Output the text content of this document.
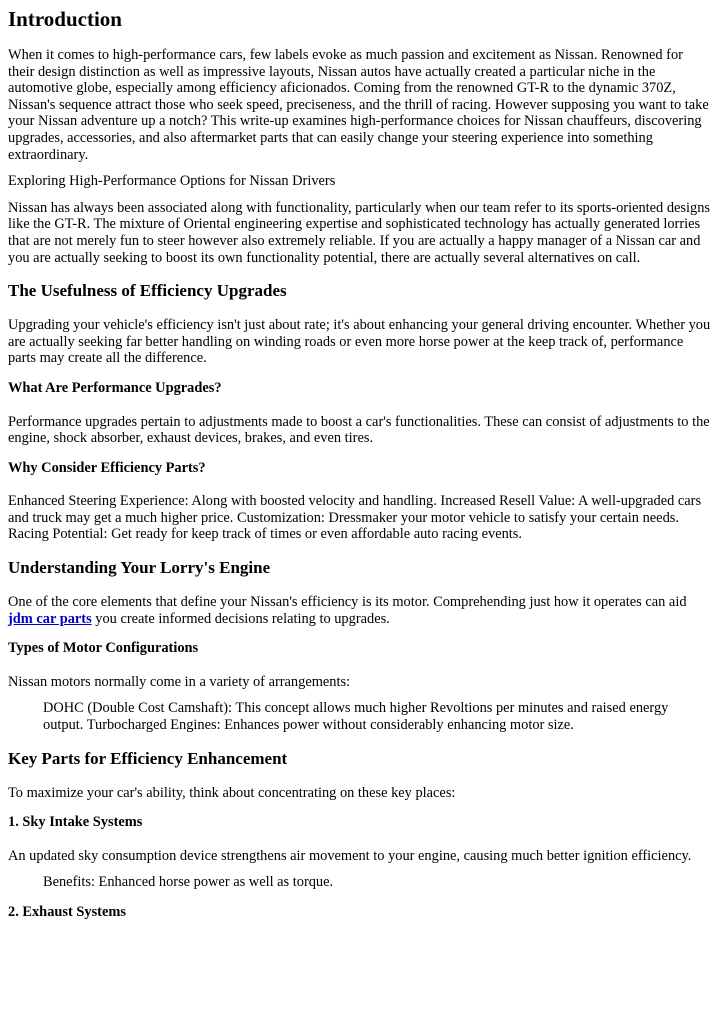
Introduction

When it comes to high-performance cars, few labels evoke as much passion and excitement as Nissan. Renowned for their design distinction as well as impressive layouts, Nissan autos have actually created a particular niche in the automotive globe, especially among efficiency aficionados. Coming from the renowned GT-R to the dynamic 370Z, Nissan's sequence attract those who seek speed, preciseness, and the thrill of racing. However supposing you want to take your Nissan adventure up a notch? This write-up examines high-performance choices for Nissan chauffeurs, discovering upgrades, accessories, and also aftermarket parts that can easily change your steering experience into something extraordinary.

Exploring High-Performance Options for Nissan Drivers

Nissan has always been associated along with functionality, particularly when our team refer to its sports-oriented designs like the GT-R. The mixture of Oriental engineering expertise and sophisticated technology has actually generated lorries that are not merely fun to steer however also extremely reliable. If you are actually a happy manager of a Nissan car and you are actually seeking to boost its own functionality potential, there are actually several alternatives on call.

The Usefulness of Efficiency Upgrades

Upgrading your vehicle's efficiency isn't just about rate; it's about enhancing your general driving encounter. Whether you are actually seeking far better handling on winding roads or even more horse power at the keep track of, performance parts may create all the difference.

What Are Performance Upgrades?

Performance upgrades pertain to adjustments made to boost a car's functionalities. These can consist of adjustments to the engine, shock absorber, exhaust devices, brakes, and even tires.

Why Consider Efficiency Parts?

Enhanced Steering Experience: Along with boosted velocity and handling. Increased Resell Value: A well-upgraded cars and truck may get a much higher price. Customization: Dressmaker your motor vehicle to satisfy your certain needs. Racing Potential: Get ready for keep track of times or even affordable auto racing events.

Understanding Your Lorry's Engine

One of the core elements that define your Nissan's efficiency is its motor. Comprehending just how it operates can aid jdm car parts you create informed decisions relating to upgrades.

Types of Motor Configurations

Nissan motors normally come in a variety of arrangements:

DOHC (Double Cost Camshaft): This concept allows much higher Revoltions per minutes and raised energy output. Turbocharged Engines: Enhances power without considerably enhancing motor size.
Key Parts for Efficiency Enhancement

To maximize your car's ability, think about concentrating on these key places:

1. Sky Intake Systems

An updated sky consumption device strengthens air movement to your engine, causing much better ignition efficiency.

Benefits: Enhanced horse power as well as torque.
2. Exhaust Systems
